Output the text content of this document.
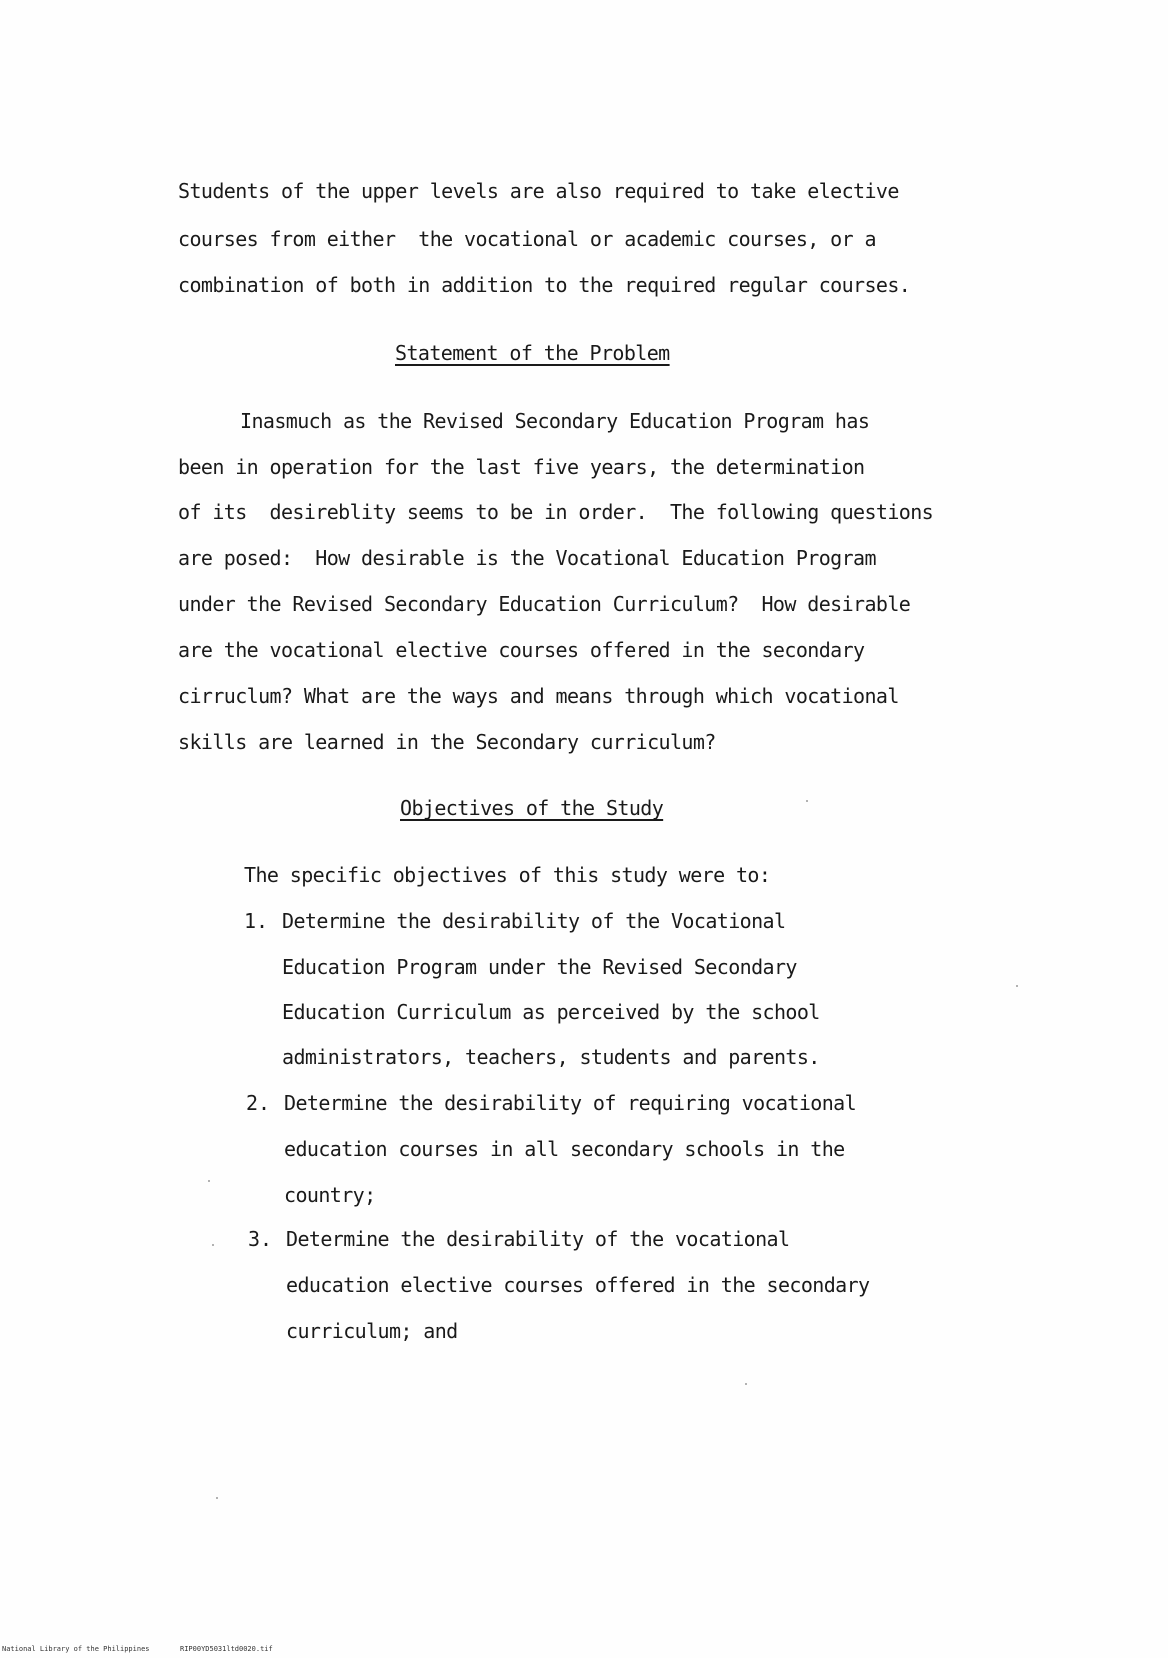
Students of the upper levels are also required to take elective
courses from either  the vocational or academic courses, or a
combination of both in addition to the required regular courses.
Statement of the Problem
Inasmuch as the Revised Secondary Education Program has
been in operation for the last five years, the determination
of its  desireblity seems to be in order.  The following questions
are posed:  How desirable is the Vocational Education Program
under the Revised Secondary Education Curriculum?  How desirable
are the vocational elective courses offered in the secondary
cirruclum? What are the ways and means through which vocational
skills are learned in the Secondary curriculum?
Objectives of the Study
The specific objectives of this study were to:
1. Determine the desirability of the Vocational
Education Program under the Revised Secondary
Education Curriculum as perceived by the school
administrators, teachers, students and parents.
2. Determine the desirability of requiring vocational
education courses in all secondary schools in the
country;
3. Determine the desirability of the vocational
education elective courses offered in the secondary
curriculum; and
National Library of the Philippines	RIP00YD5031ltd0020.tif
